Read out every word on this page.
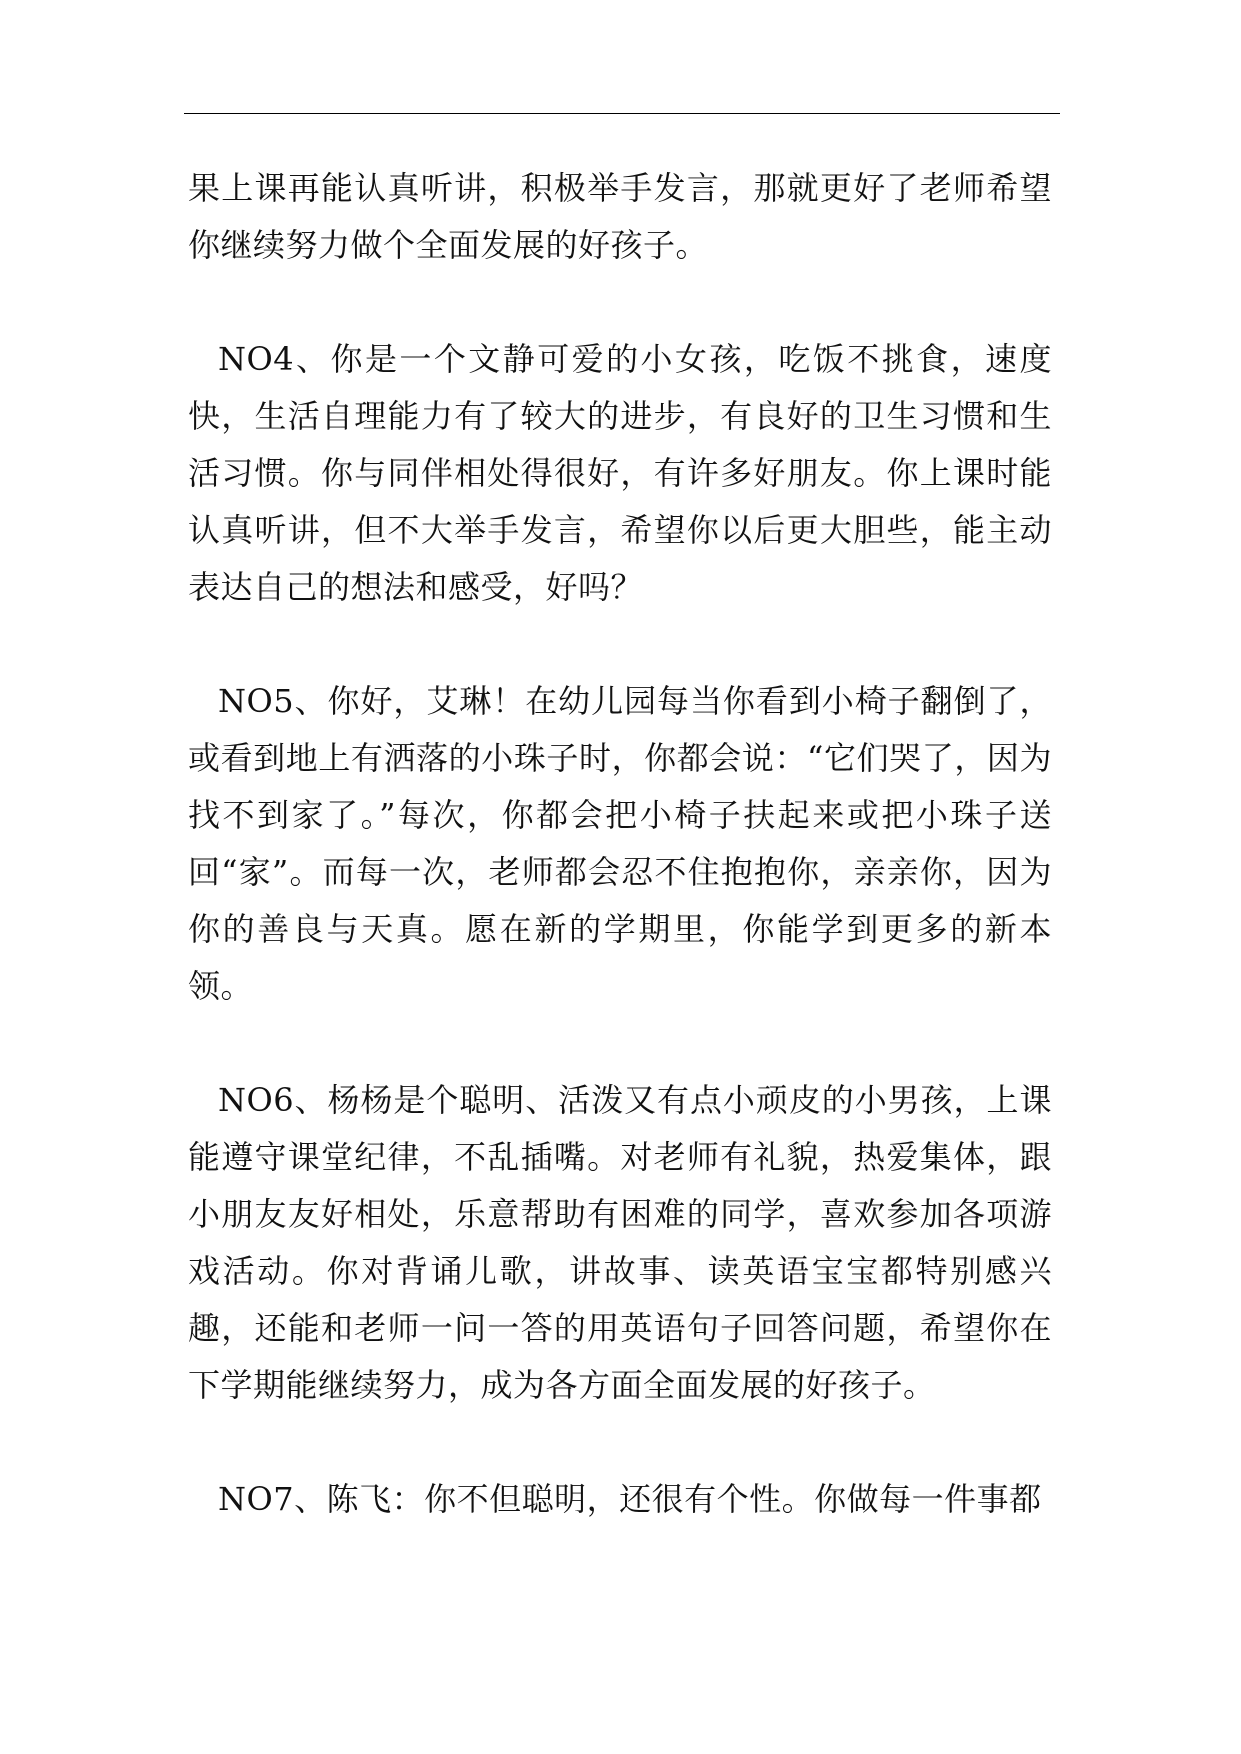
果上课再能认真听讲，积极举手发言，那就更好了老师希望你继续努力做个全面发展的好孩子。

NO4、你是一个文静可爱的小女孩，吃饭不挑食，速度快，生活自理能力有了较大的进步，有良好的卫生习惯和生活习惯。你与同伴相处得很好，有许多好朋友。你上课时能认真听讲，但不大举手发言，希望你以后更大胆些，能主动表达自己的想法和感受，好吗？

NO5、你好，艾琳！在幼儿园每当你看到小椅子翻倒了，或看到地上有洒落的小珠子时，你都会说：“它们哭了，因为找不到家了。”每次，你都会把小椅子扶起来或把小珠子送回“家”。而每一次，老师都会忍不住抱抱你，亲亲你，因为你的善良与天真。愿在新的学期里，你能学到更多的新本领。

NO6、杨杨是个聪明、活泼又有点小顽皮的小男孩，上课能遵守课堂纪律，不乱插嘴。对老师有礼貌，热爱集体，跟小朋友友好相处，乐意帮助有困难的同学，喜欢参加各项游戏活动。你对背诵儿歌，讲故事、读英语宝宝都特别感兴趣，还能和老师一问一答的用英语句子回答问题，希望你在下学期能继续努力，成为各方面全面发展的好孩子。

NO7、陈飞：你不但聪明，还很有个性。你做每一件事都
